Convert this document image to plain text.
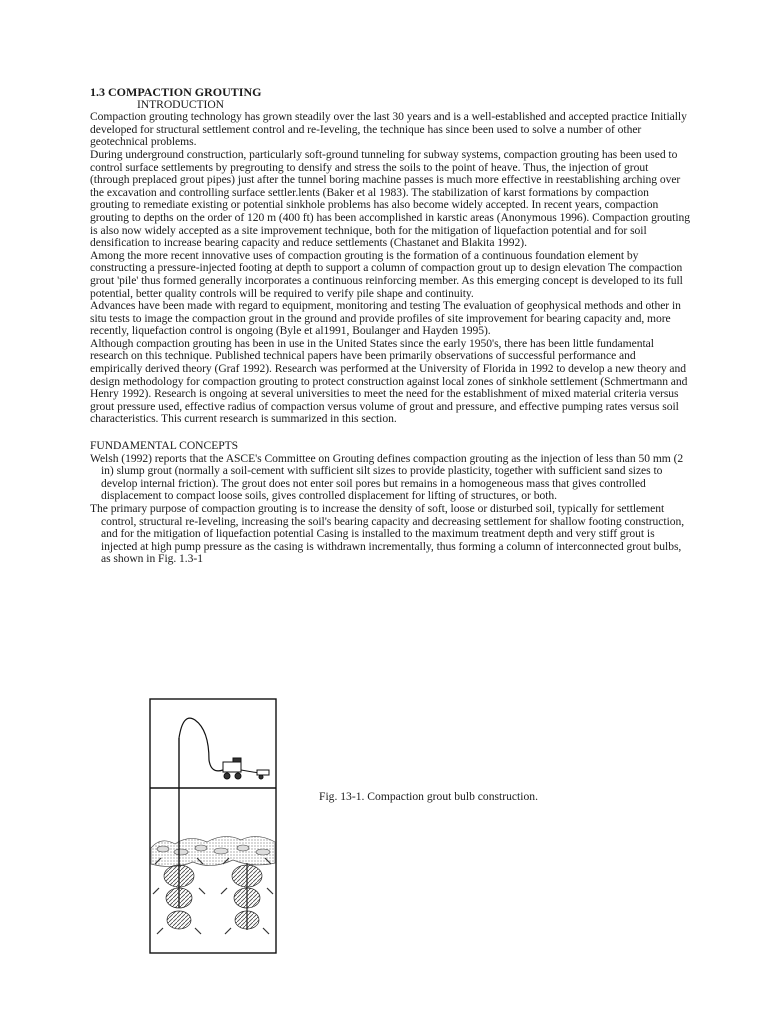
1.3 COMPACTION GROUTING

INTRODUCTION

Compaction grouting technology has grown steadily over the last 30 years and is a well-established and accepted practice Initially developed for structural settlement control and re-Ieveling, the technique has since been used to solve a number of other geotechnical problems.

During underground construction, particularly soft-ground tunneling for subway systems, compaction grouting has been used to control surface settlements by pregrouting to densify and stress the soils to the point of heave. Thus, the injection of grout (through preplaced grout pipes) just after the tunnel boring machine passes is much more effective in reestablishing arching over the excavation and controlling surface settler.lents (Baker et al 1983). The stabilization of karst formations by compaction grouting to remediate existing or potential sinkhole problems has also become widely accepted. In recent years, compaction grouting to depths on the order of 120 m (400 ft) has been accomplished in karstic areas (Anonymous 1996). Compaction grouting is also now widely accepted as a site improvement technique, both for the mitigation of liquefaction potential and for soil densification to increase bearing capacity and reduce settlements (Chastanet and Blakita 1992).

Among the more recent innovative uses of compaction grouting is the formation of a continuous foundation element by constructing a pressure-injected footing at depth to support a column of compaction grout up to design elevation The compaction grout 'pile' thus formed generally incorporates a continuous reinforcing member. As this emerging concept is developed to its full potential, better quality controls will be required to verify pile shape and continuity.

Advances have been made with regard to equipment, monitoring and testing The evaluation of geophysical methods and other in situ tests to image the compaction grout in the ground and provide profiles of site improvement for bearing capacity and, more recently, liquefaction control is ongoing (Byle et al1991, Boulanger and Hayden 1995).

Although compaction grouting has been in use in the United States since the early 1950's, there has been little fundamental research on this technique. Published technical papers have been primarily observations of successful performance and empirically derived theory (Graf 1992). Research was performed at the University of Florida in 1992 to develop a new theory and design methodology for compaction grouting to protect construction against local zones of sinkhole settlement (Schmertmann and Henry 1992). Research is ongoing at several universities to meet the need for the establishment of mixed material criteria versus grout pressure used, effective radius of compaction versus volume of grout and pressure, and effective pumping rates versus soil characteristics. This current research is summarized in this section.

FUNDAMENTAL CONCEPTS

Welsh (1992) reports that the ASCE's Committee on Grouting defines compaction grouting as the injection of less than 50 mm (2 in) slump grout (normally a soil-cement with sufficient silt sizes to provide plasticity, together with sufficient sand sizes to develop internal friction). The grout does not enter soil pores but remains in a homogeneous mass that gives controlled displacement to compact loose soils, gives controlled displacement for lifting of structures, or both.

The primary purpose of compaction grouting is to increase the density of soft, loose or disturbed soil, typically for settlement control, structural re-Ieveling, increasing the soil's bearing capacity and decreasing settlement for shallow footing construction, and for the mitigation of liquefaction potential Casing is installed to the maximum treatment depth and very stiff grout is injected at high pump pressure as the casing is withdrawn incrementally, thus forming a column of interconnected grout bulbs, as shown in Fig. 1.3-1

Fig. 13-1. Compaction grout bulb construction.
